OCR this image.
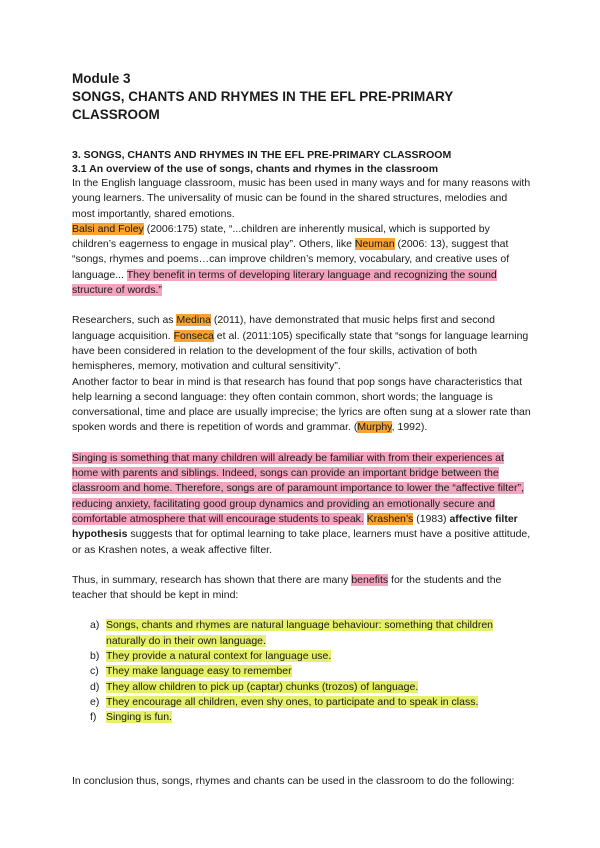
Module 3

SONGS, CHANTS AND RHYMES IN THE EFL PRE-PRIMARY

CLASSROOM

3. SONGS, CHANTS AND RHYMES IN THE EFL PRE-PRIMARY CLASSROOM
3.1 An overview of the use of songs, chants and rhymes in the classroom

In the English language classroom, music has been used in many ways and for many reasons with young learners. The universality of music can be found in the shared structures, melodies and most importantly, shared emotions.

Balsi and Foley (2006:175) state, “...children are inherently musical, which is supported by children’s eagerness to engage in musical play”. Others, like Neuman (2006: 13), suggest that “songs, rhymes and poems…can improve children’s memory, vocabulary, and creative uses of language... They benefit in terms of developing literary language and recognizing the sound structure of words.”

Researchers, such as Medina (2011), have demonstrated that music helps first and second language acquisition. Fonseca et al. (2011:105) specifically state that “songs for language learning have been considered in relation to the development of the four skills, activation of both hemispheres, memory, motivation and cultural sensitivity”.

Another factor to bear in mind is that research has found that pop songs have characteristics that help learning a second language: they often contain common, short words; the language is conversational, time and place are usually imprecise; the lyrics are often sung at a slower rate than spoken words and there is repetition of words and grammar. (Murphy, 1992).

Singing is something that many children will already be familiar with from their experiences at home with parents and siblings. Indeed, songs can provide an important bridge between the classroom and home. Therefore, songs are of paramount importance to lower the “affective filter”, reducing anxiety, facilitating good group dynamics and providing an emotionally secure and comfortable atmosphere that will encourage students to speak. Krashen’s (1983) affective filter hypothesis suggests that for optimal learning to take place, learners must have a positive attitude, or as Krashen notes, a weak affective filter.

Thus, in summary, research has shown that there are many benefits for the students and the teacher that should be kept in mind:

a) Songs, chants and rhymes are natural language behaviour: something that children naturally do in their own language.
b) They provide a natural context for language use.
c) They make language easy to remember
d) They allow children to pick up (captar) chunks (trozos) of language.
e) They encourage all children, even shy ones, to participate and to speak in class.
f) Singing is fun.

In conclusion thus, songs, rhymes and chants can be used in the classroom to do the following:
